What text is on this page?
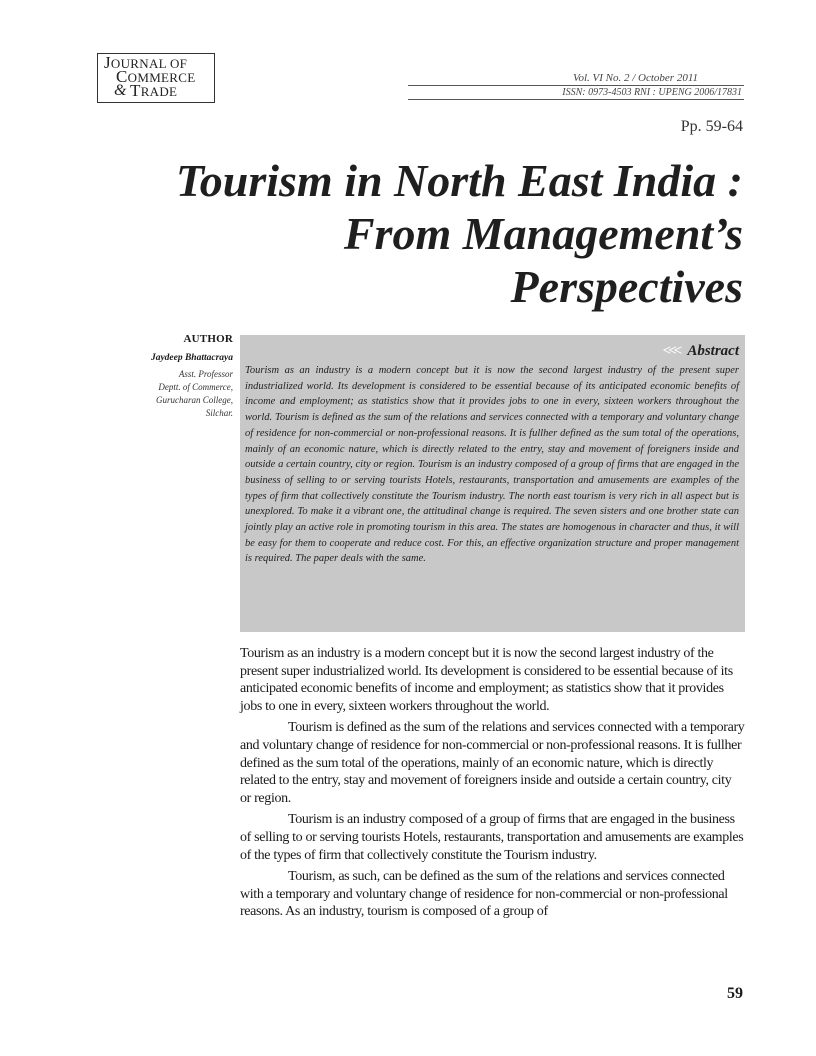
JOURNAL OF
COMMERCE
& TRADE
Vol. VI No. 2 / October 2011
ISSN: 0973-4503 RNI : UPENG 2006/17831
Pp. 59-64
Tourism in North East India :
From Management’s
Perspectives
AUTHOR
Jaydeep Bhattacraya
Asst. Professor
Deptt. of Commerce,
Gurucharan College,
Silchar.
<<< Abstract

Tourism as an industry is a modern concept but it is now the second largest industry of the present super industrialized world. Its development is considered to be essential because of its anticipated economic benefits of income and employment; as statistics show that it provides jobs to one in every, sixteen workers throughout the world. Tourism is defined as the sum of the relations and services connected with a temporary and voluntary change of residence for non-commercial or non-professional reasons. It is fullher defined as the sum total of the operations, mainly of an economic nature, which is directly related to the entry, stay and movement of foreigners inside and outside a certain country, city or region. Tourism is an industry composed of a group of firms that are engaged in the business of selling to or serving tourists Hotels, restaurants, transportation and amusements are examples of the types of firm that collectively constitute the Tourism industry. The north east tourism is very rich in all aspect but is unexplored. To make it a vibrant one, the attitudinal change is required. The seven sisters and one brother state can jointly play an active role in promoting tourism in this area. The states are homogenous in character and thus, it will be easy for them to cooperate and reduce cost. For this, an effective organization structure and proper management is required. The paper deals with the same.

Tourism as an industry is a modern concept but it is now the second largest industry of the present super industrialized world. Its development is considered to be essential because of its anticipated economic benefits of income and employment; as statistics show that it provides jobs to one in every, sixteen workers throughout the world.

Tourism is defined as the sum of the relations and services connected with a temporary and voluntary change of residence for non-commercial or non-professional reasons. It is fullher defined as the sum total of the operations, mainly of an economic nature, which is directly related to the entry, stay and movement of foreigners inside and outside a certain country, city or region.

Tourism is an industry composed of a group of firms that are engaged in the business of selling to or serving tourists Hotels, restaurants, transportation and amusements are examples of the types of firm that collectively constitute the Tourism industry.

Tourism, as such, can be defined as the sum of the relations and services connected with a temporary and voluntary change of residence for non-commercial or non-professional reasons. As an industry, tourism is composed of a group of

59
